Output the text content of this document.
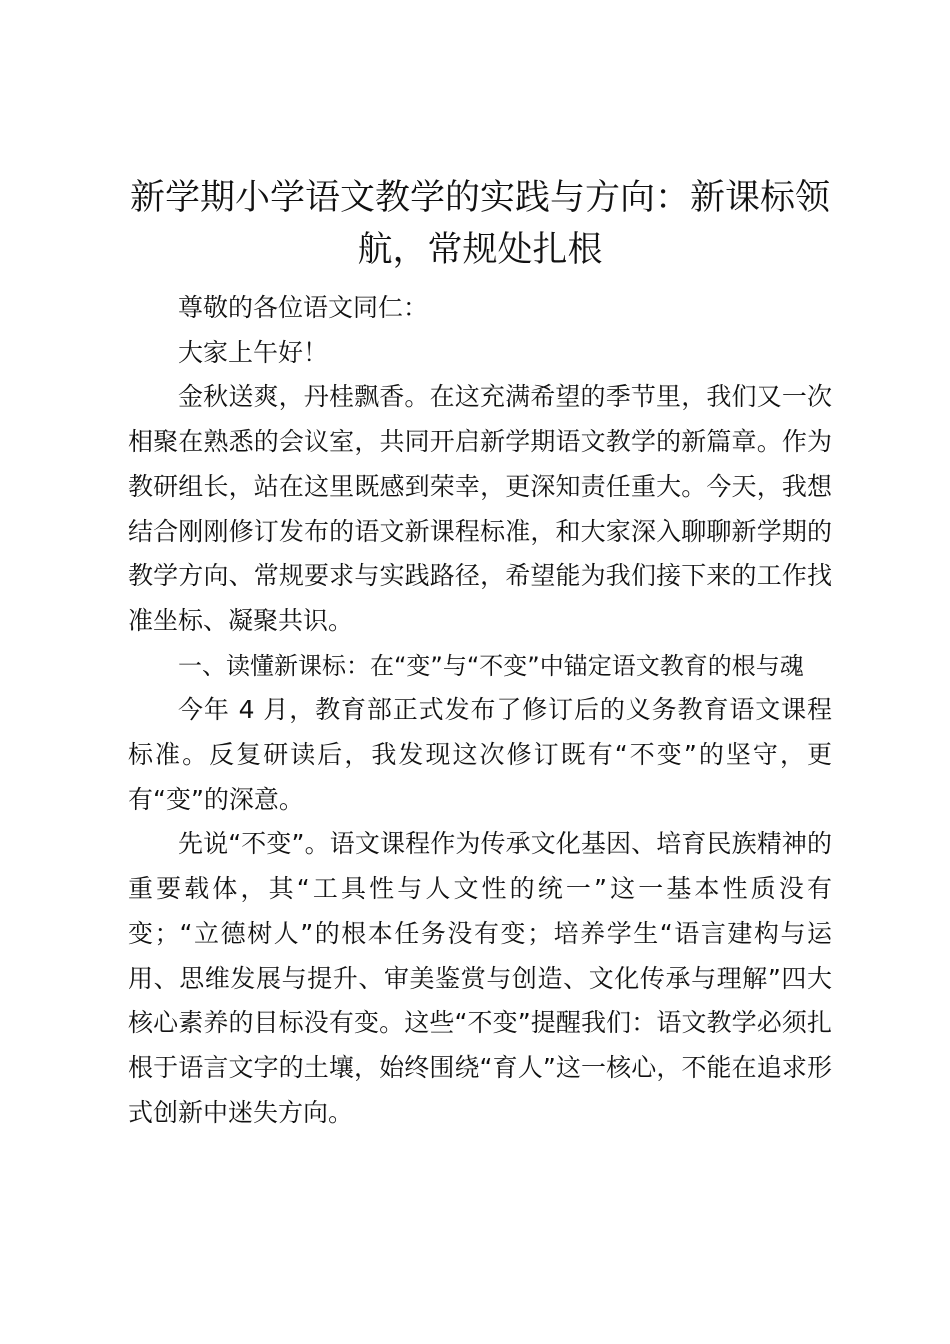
新学期小学语文教学的实践与方向：新课标领航，常规处扎根

尊敬的各位语文同仁：

大家上午好！

金秋送爽，丹桂飘香。在这充满希望的季节里，我们又一次相聚在熟悉的会议室，共同开启新学期语文教学的新篇章。作为教研组长，站在这里既感到荣幸，更深知责任重大。今天，我想结合刚刚修订发布的语文新课程标准，和大家深入聊聊新学期的教学方向、常规要求与实践路径，希望能为我们接下来的工作找准坐标、凝聚共识。

一、读懂新课标：在“变”与“不变”中锚定语文教育的根与魂

今年 4 月，教育部正式发布了修订后的义务教育语文课程标准。反复研读后，我发现这次修订既有“不变”的坚守，更有“变”的深意。

先说“不变”。语文课程作为传承文化基因、培育民族精神的重要载体，其“工具性与人文性的统一”这一基本性质没有变；“立德树人”的根本任务没有变；培养学生“语言建构与运用、思维发展与提升、审美鉴赏与创造、文化传承与理解”四大核心素养的目标没有变。这些“不变”提醒我们：语文教学必须扎根于语言文字的土壤，始终围绕“育人”这一核心，不能在追求形式创新中迷失方向。
